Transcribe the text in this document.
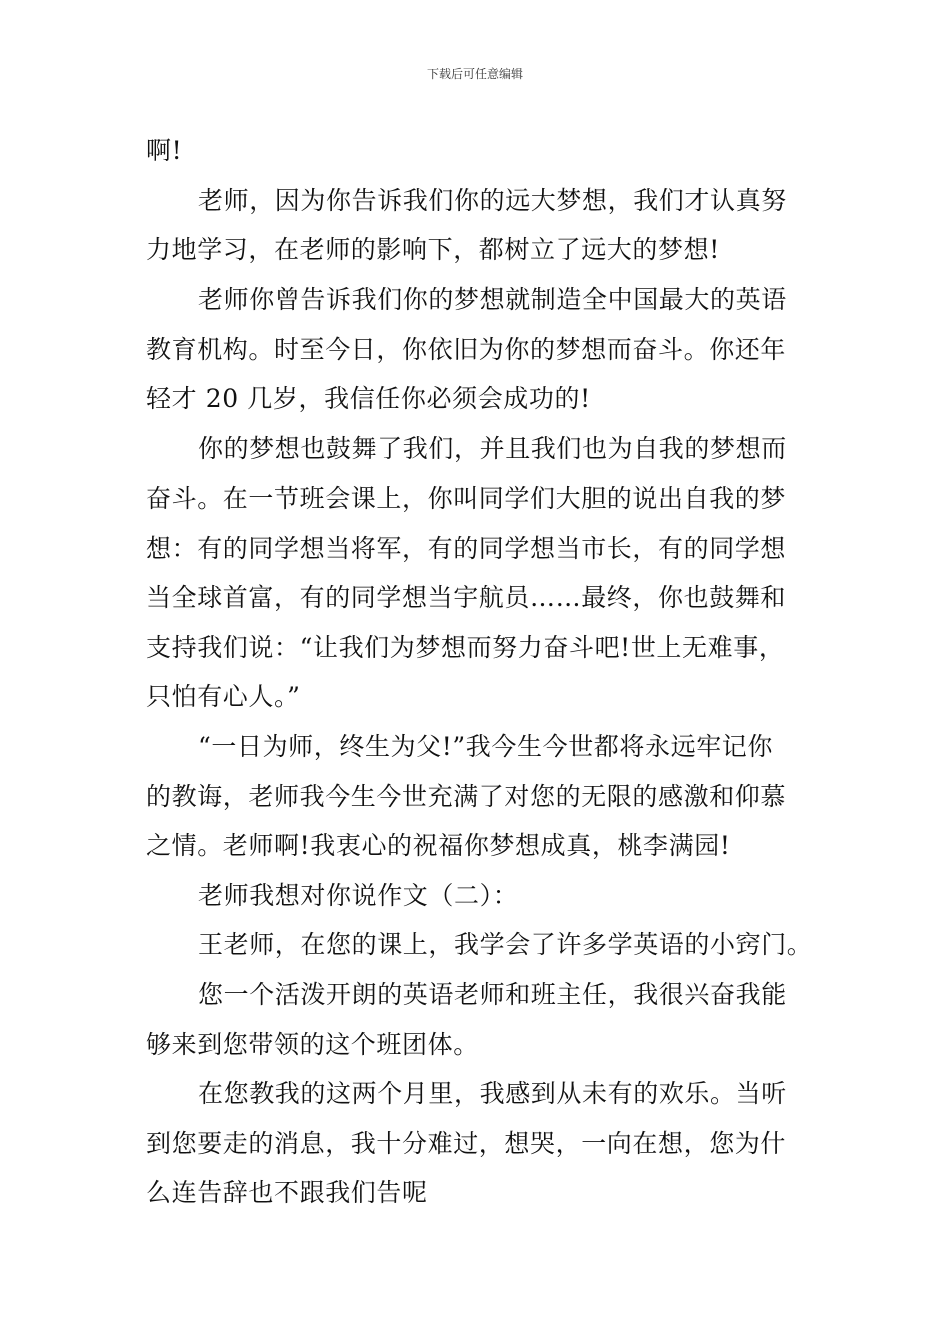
下载后可任意编辑
啊!
老师，因为你告诉我们你的远大梦想，我们才认真努
力地学习，在老师的影响下，都树立了远大的梦想!
老师你曾告诉我们你的梦想就制造全中国最大的英语
教育机构。时至今日，你依旧为你的梦想而奋斗。你还年
轻才 20 几岁，我信任你必须会成功的!
你的梦想也鼓舞了我们，并且我们也为自我的梦想而
奋斗。在一节班会课上，你叫同学们大胆的说出自我的梦
想：有的同学想当将军，有的同学想当市长，有的同学想
当全球首富，有的同学想当宇航员……最终，你也鼓舞和
支持我们说：“让我们为梦想而努力奋斗吧!世上无难事，
只怕有心人。”
“一日为师，终生为父!”我今生今世都将永远牢记你
的教诲，老师我今生今世充满了对您的无限的感激和仰慕
之情。老师啊!我衷心的祝福你梦想成真，桃李满园!
老师我想对你说作文（二）：
王老师，在您的课上，我学会了许多学英语的小窍门。
您一个活泼开朗的英语老师和班主任，我很兴奋我能
够来到您带领的这个班团体。
在您教我的这两个月里，我感到从未有的欢乐。当听
到您要走的消息，我十分难过，想哭，一向在想，您为什
么连告辞也不跟我们告呢
